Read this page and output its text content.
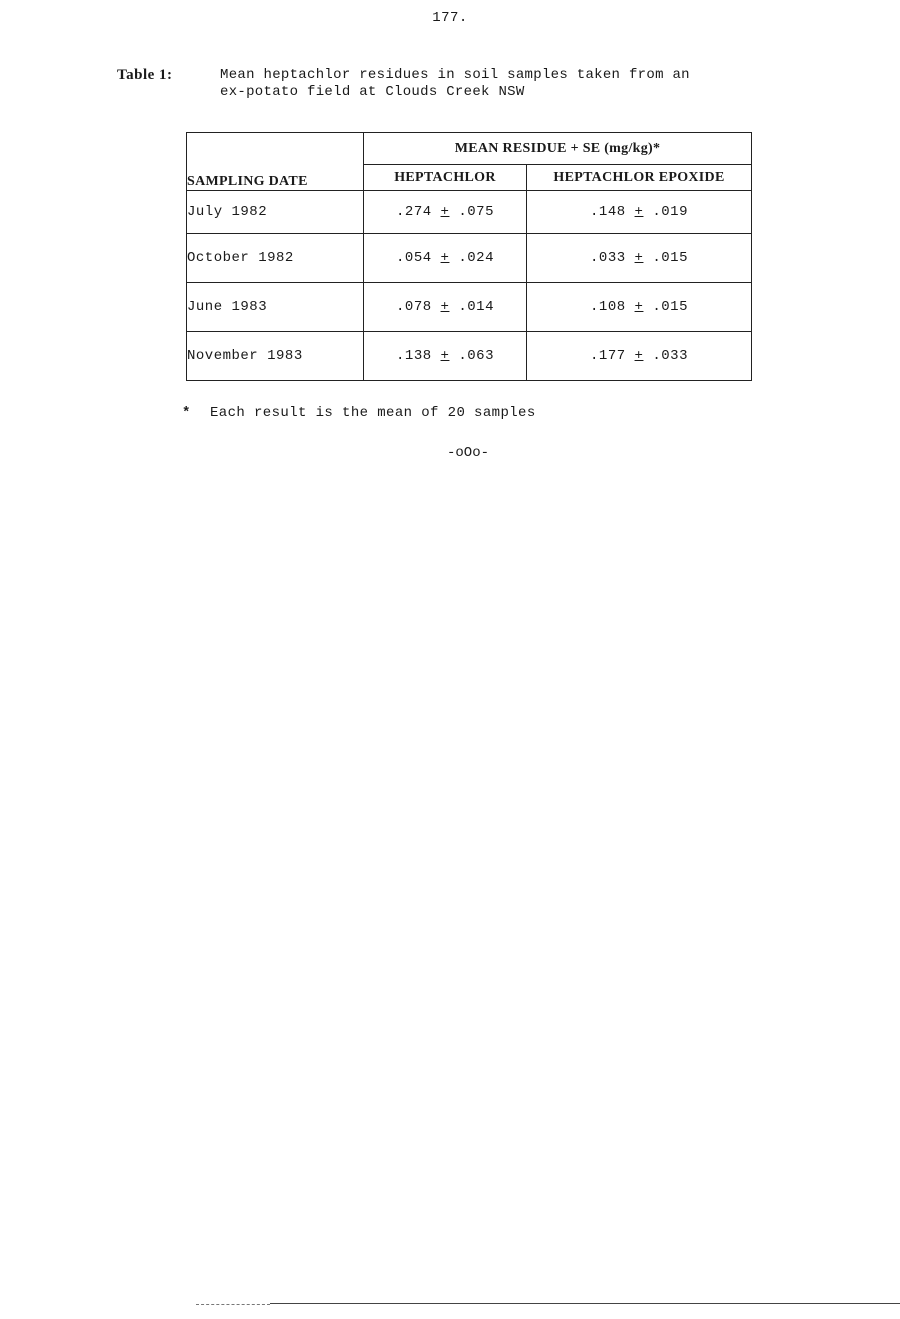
177.
Table 1:	Mean heptachlor residues in soil samples taken from an
ex-potato field at Clouds Creek NSW
SAMPLING DATE	MEAN RESIDUE + SE (mg/kg)*	
	HEPTACHLOR	HEPTACHLOR EPOXIDE
July 1982	.274 + .075	.148 + .019
October 1982	.054 + .024	.033 + .015
June 1983	.078 + .014	.108 + .015
November 1983	.138 + .063	.177 + .033
* Each result is the mean of 20 samples
-oOo-
